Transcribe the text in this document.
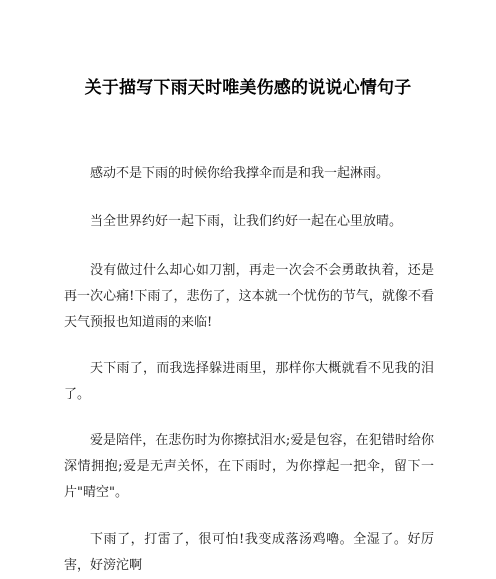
关于描写下雨天时唯美伤感的说说心情句子

感动不是下雨的时候你给我撑伞而是和我一起淋雨。

当全世界约好一起下雨，让我们约好一起在心里放晴。

没有做过什么却心如刀割，再走一次会不会勇敢执着，还是再一次心痛!下雨了，悲伤了，这本就一个忧伤的节气，就像不看天气预报也知道雨的来临!

天下雨了，而我选择躲进雨里，那样你大概就看不见我的泪了。

爱是陪伴，在悲伤时为你擦拭泪水;爱是包容，在犯错时给你深情拥抱;爱是无声关怀，在下雨时，为你撑起一把伞，留下一片"晴空"。

下雨了，打雷了，很可怕!我变成落汤鸡嚕。全湿了。好厉害，好滂沱啊
